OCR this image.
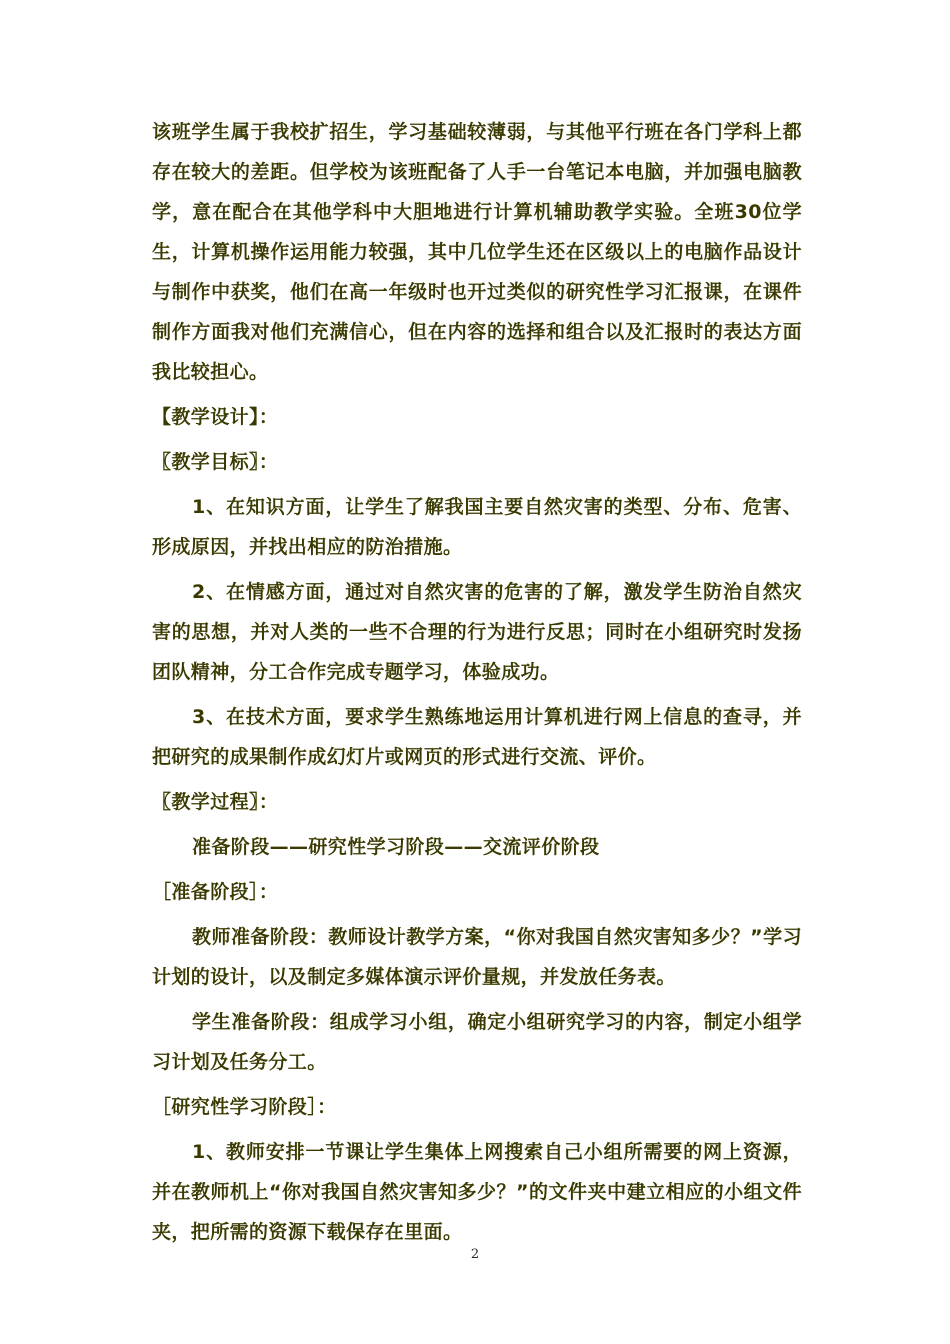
该班学生属于我校扩招生，学习基础较薄弱，与其他平行班在各门学科上都存在较大的差距。但学校为该班配备了人手一台笔记本电脑，并加强电脑教学，意在配合在其他学科中大胆地进行计算机辅助教学实验。全班30位学生，计算机操作运用能力较强，其中几位学生还在区级以上的电脑作品设计与制作中获奖，他们在高一年级时也开过类似的研究性学习汇报课，在课件制作方面我对他们充满信心，但在内容的选择和组合以及汇报时的表达方面我比较担心。

【教学设计】：

〖教学目标〗：

1、在知识方面，让学生了解我国主要自然灾害的类型、分布、危害、形成原因，并找出相应的防治措施。

2、在情感方面，通过对自然灾害的危害的了解，激发学生防治自然灾害的思想，并对人类的一些不合理的行为进行反思；同时在小组研究时发扬团队精神，分工合作完成专题学习，体验成功。

3、在技术方面，要求学生熟练地运用计算机进行网上信息的查寻，并把研究的成果制作成幻灯片或网页的形式进行交流、评价。

〖教学过程〗：

准备阶段——研究性学习阶段——交流评价阶段

［准备阶段］：

教师准备阶段：教师设计教学方案，“你对我国自然灾害知多少？”学习计划的设计，以及制定多媒体演示评价量规，并发放任务表。

学生准备阶段：组成学习小组，确定小组研究学习的内容，制定小组学习计划及任务分工。

［研究性学习阶段］：

1、教师安排一节课让学生集体上网搜索自己小组所需要的网上资源，并在教师机上“你对我国自然灾害知多少？”的文件夹中建立相应的小组文件夹，把所需的资源下载保存在里面。

2
